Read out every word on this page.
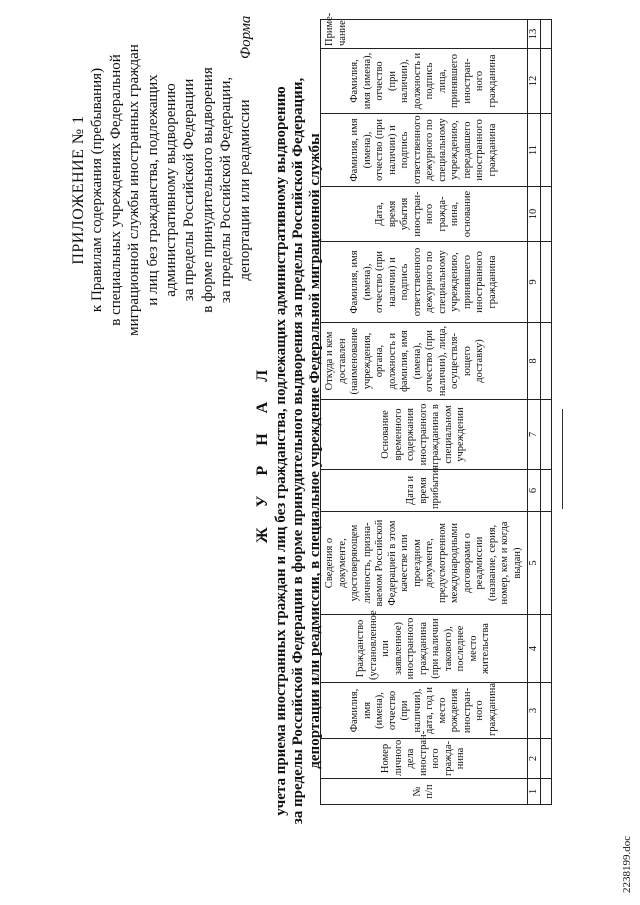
ПРИЛОЖЕНИЕ № 1 к Правилам содержания (пребывания) в специальных учреждениях Федеральной миграционной службы иностранных граждан и лиц без гражданства, подлежащих административному выдворению за пределы Российской Федерации в форме принудительного выдворения за пределы Российской Федерации, депортации или реадмиссии
Форма
Ж У Р Н А Л учета приема иностранных граждан и лиц без гражданства, подлежащих административному выдворению за пределы Российской Федерации в форме принудительного выдворения за пределы Российской Федерации, депортации или реадмиссии, в специальное учреждение Федеральной миграционной службы
№ п/п	Номер личного дела иностран-ного гражда-нина	Фамилия, имя (имена), отчество (при наличии), дата, год и место рождения иностран-ного гражданина	Гражданство (установленное или заявленное) иностранного гражданина (при наличии такового), последнее место жительства	Сведения о документе, удостоверяющем личность, призна-ваемом Российской Федерацией в этом качестве или проездном документе, предусмотренном международными договорами о реадмиссии (название, серия, номер, кем и когда выдан)	Дата и время прибытия	Основание временного содержания иностранного гражданина в специальном учреждении	Откуда и кем доставлен (наименование учреждения, органа, должность и фамилия, имя (имена), отчество (при наличии), лица, осуществля-ющего доставку)	Фамилия, имя (имена), отчество (при наличии) и подпись ответственного дежурного по специальному учреждению, принявшего иностранного гражданина	Дата, время убытия иностран-ного гражда-нина, основание	Фамилия, имя (имена), отчество (при наличии) и подпись ответственного дежурного по специальному учреждению, передавшего иностранного гражданина	Фамилия, имя (имена), отчество (при наличии), должность и подпись лица, принявшего иностран-ного гражданина	Приме-чание
1	2	3	4	5	6	7	8	9	10	11	12	13

2238199.doc
